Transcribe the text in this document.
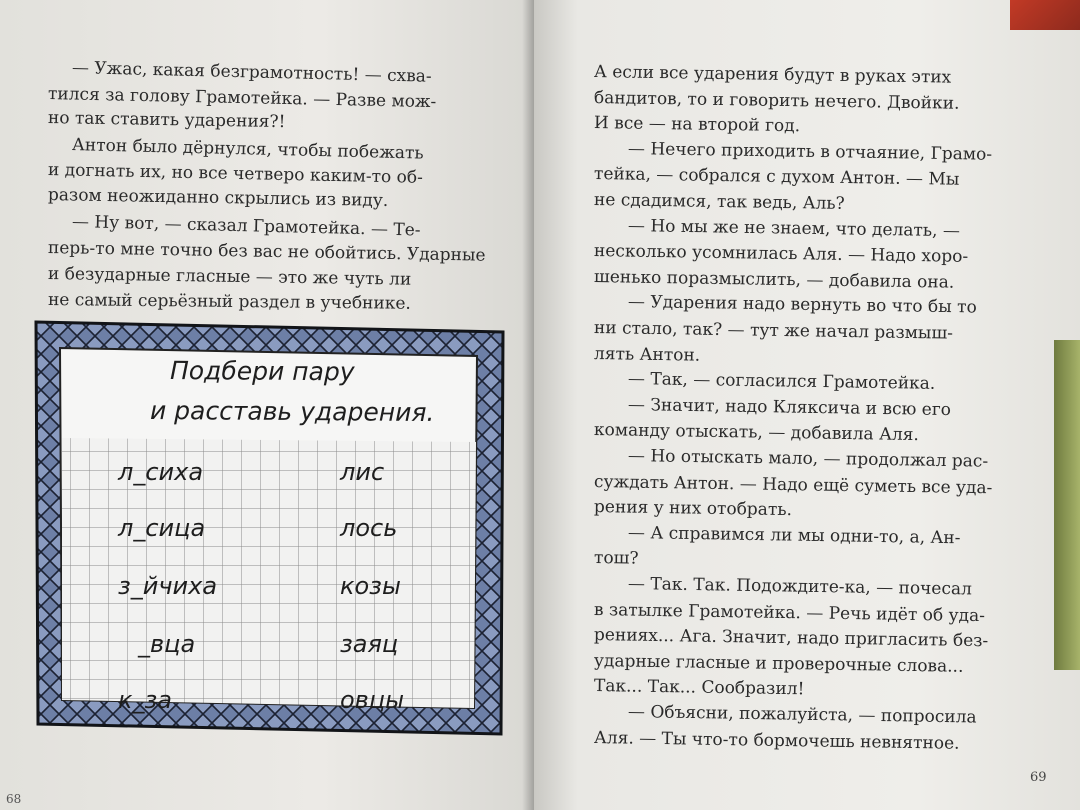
— Ужас, какая безграмотность! — схва-
тился за голову Грамотейка. — Разве мож-
но так ставить ударения?!
Антон было дёрнулся, чтобы побежать
и догнать их, но все четверо каким-то об-
разом неожиданно скрылись из виду.
— Ну вот, — сказал Грамотейка. — Те-
перь-то мне точно без вас не обойтись. Ударные
и безударные гласные — это же чуть ли
не самый серьёзный раздел в учебнике.
Подбери пару
и расставь ударения.
л_сиха
л_сица
з_йчиха
_вца
к_за
лис
лось
козы
заяц
овцы
А если все ударения будут в руках этих
бандитов, то и говорить нечего. Двойки.
И все — на второй год.
— Нечего приходить в отчаяние, Грамо-
тейка, — собрался с духом Антон. — Мы
не сдадимся, так ведь, Аль?
— Но мы же не знаем, что делать, —
несколько усомнилась Аля. — Надо хоро-
шенько поразмыслить, — добавила она.
— Ударения надо вернуть во что бы то
ни стало, так? — тут же начал размыш-
лять Антон.
— Так, — согласился Грамотейка.
— Значит, надо Кляксича и всю его
команду отыскать, — добавила Аля.
— Но отыскать мало, — продолжал рас-
суждать Антон. — Надо ещё суметь все уда-
рения у них отобрать.
— А справимся ли мы одни-то, а, Ан-
тош?
— Так. Так. Подождите-ка, — почесал
в затылке Грамотейка. — Речь идёт об уда-
рениях... Ага. Значит, надо пригласить без-
ударные гласные и проверочные слова...
Так... Так... Сообразил!
— Объясни, пожалуйста, — попросила
Аля. — Ты что-то бормочешь невнятное.
68
69
